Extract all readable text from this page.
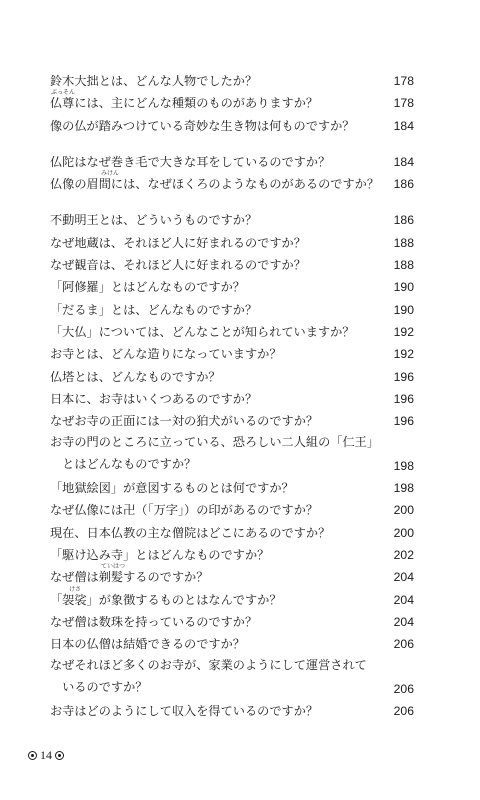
鈴木大拙とは、どんな人物でしたか？	178
ぶっそん
仏尊には、主にどんな種類のものがありますか？	178
像の仏が踏みつけている奇妙な生き物は何ものですか？	184
仏陀はなぜ巻き毛で大きな耳をしているのですか？	184
みけん
仏像の眉間には、なぜほくろのようなものがあるのですか？ 186
不動明王とは、どういうものですか？	186
なぜ地蔵は、それほど人に好まれるのですか？	188
なぜ観音は、それほど人に好まれるのですか？	188
「阿修羅」とはどんなものですか？	190
「だるま」とは、どんなものですか？	190
「大仏」については、どんなことが知られていますか？	192
お寺とは、どんな造りになっていますか？	192
仏塔とは、どんなものですか？	196
日本に、お寺はいくつあるのですか？	196
なぜお寺の正面には一対の狛犬がいるのですか？	196
お寺の門のところに立っている、恐ろしい二人組の「仁王」
　とはどんなものですか？	198
「地獄絵図」が意図するものとは何ですか？	198
なぜ仏像には卍（「万字」）の印があるのですか？	200
現在、日本仏教の主な僧院はどこにあるのですか？	200
「駆け込み寺」とはどんなものですか？	202
ていはつ
なぜ僧は剃髪するのですか？	204
けさ
「袈裟」が象徴するものとはなんですか？	204
なぜ僧は数珠を持っているのですか？	204
日本の仏僧は結婚できるのですか？	206
なぜそれほど多くのお寺が、家業のようにして運営されて
　いるのですか？	206
お寺はどのようにして収入を得ているのですか？	206
14
